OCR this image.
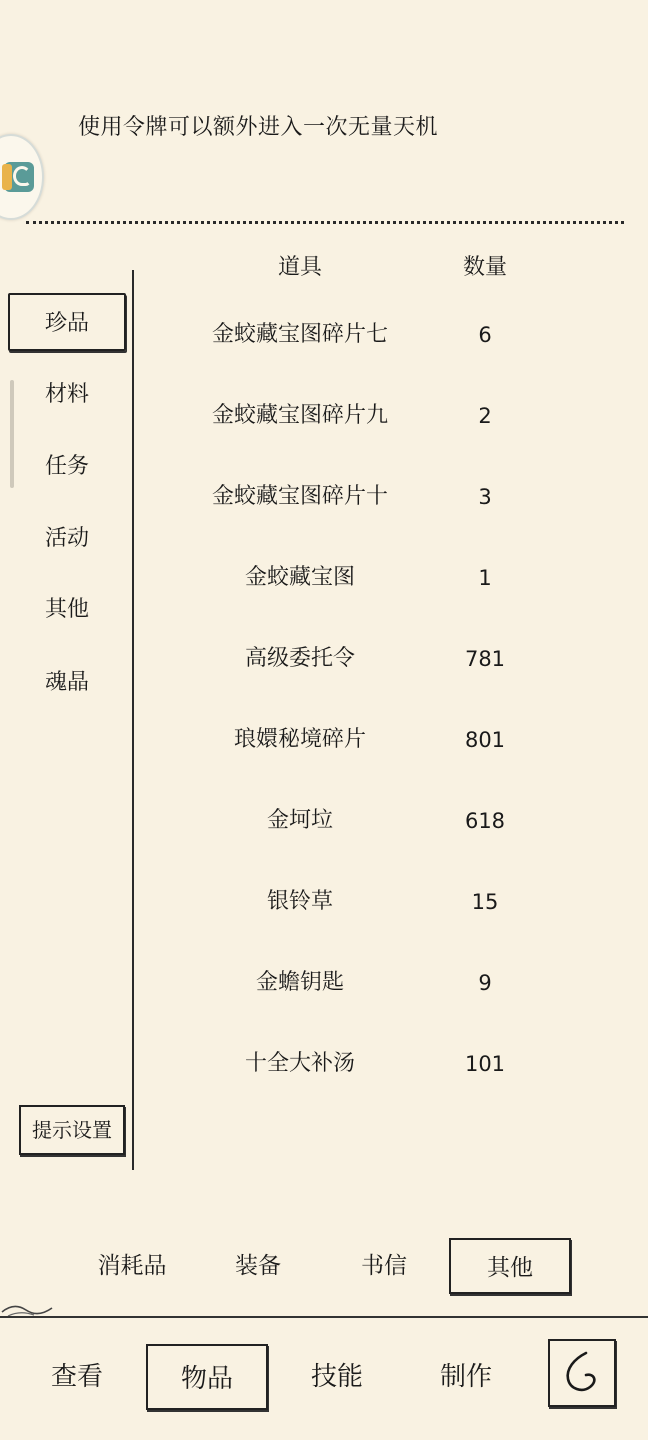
使用令牌可以额外进入一次无量天机
珍品
材料
任务
活动
其他
魂晶
提示设置
道具	数量
金蛟藏宝图碎片七	6
金蛟藏宝图碎片九	2
金蛟藏宝图碎片十	3
金蛟藏宝图	1
高级委托令	781
琅嬛秘境碎片	801
金坷垃	618
银铃草	15
金蟾钥匙	9
十全大补汤	101
消耗品	装备	书信	其他
查看	物品	技能	制作
